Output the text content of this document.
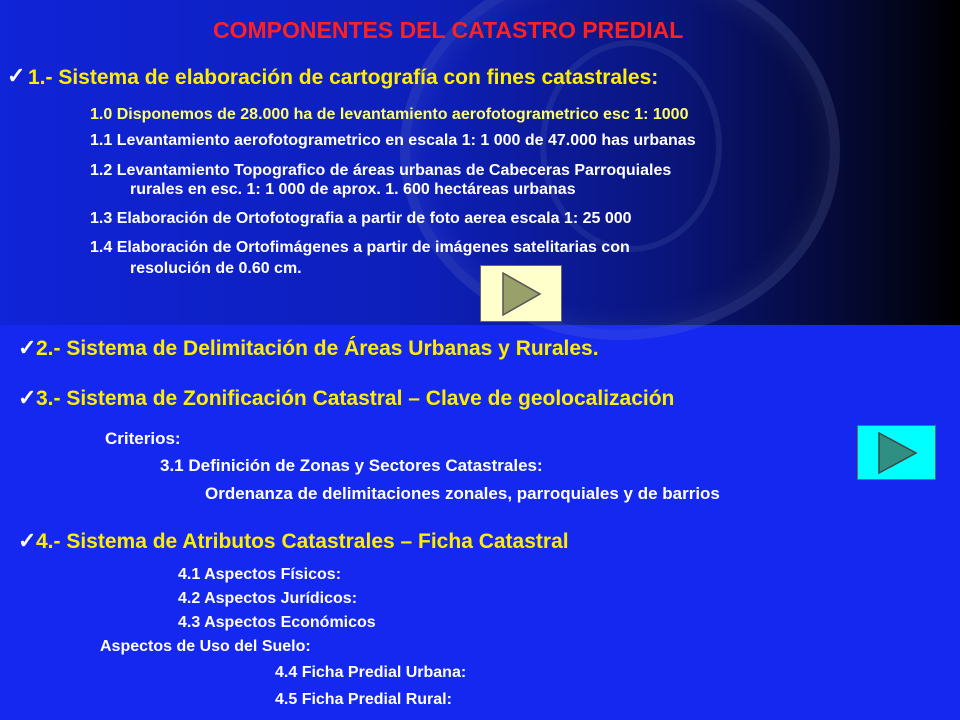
COMPONENTES DEL CATASTRO PREDIAL
✓ 1.- Sistema de elaboración de cartografía con fines catastrales:
1.0 Disponemos de 28.000 ha de levantamiento aerofotogrametrico esc 1: 1000
1.1 Levantamiento aerofotogrametrico en escala 1: 1 000 de 47.000 has urbanas
1.2 Levantamiento Topografico de áreas urbanas de Cabeceras Parroquiales
rurales en esc. 1: 1 000 de aprox. 1. 600 hectáreas urbanas
1.3 Elaboración de Ortofotografia a partir de foto aerea escala 1: 25 000
1.4 Elaboración de Ortofimágenes a partir de imágenes satelitarias con
resolución de 0.60 cm.
✓ 2.- Sistema de Delimitación de Áreas Urbanas y Rurales.
✓ 3.- Sistema de Zonificación Catastral – Clave de geolocalización
Criterios:
3.1 Definición de Zonas y Sectores Catastrales:
Ordenanza de delimitaciones zonales, parroquiales y de barrios
✓ 4.- Sistema de Atributos Catastrales – Ficha Catastral
4.1 Aspectos Físicos:
4.2 Aspectos Jurídicos:
4.3 Aspectos Económicos
Aspectos de Uso del Suelo:
4.4 Ficha Predial Urbana:
4.5 Ficha Predial Rural:
